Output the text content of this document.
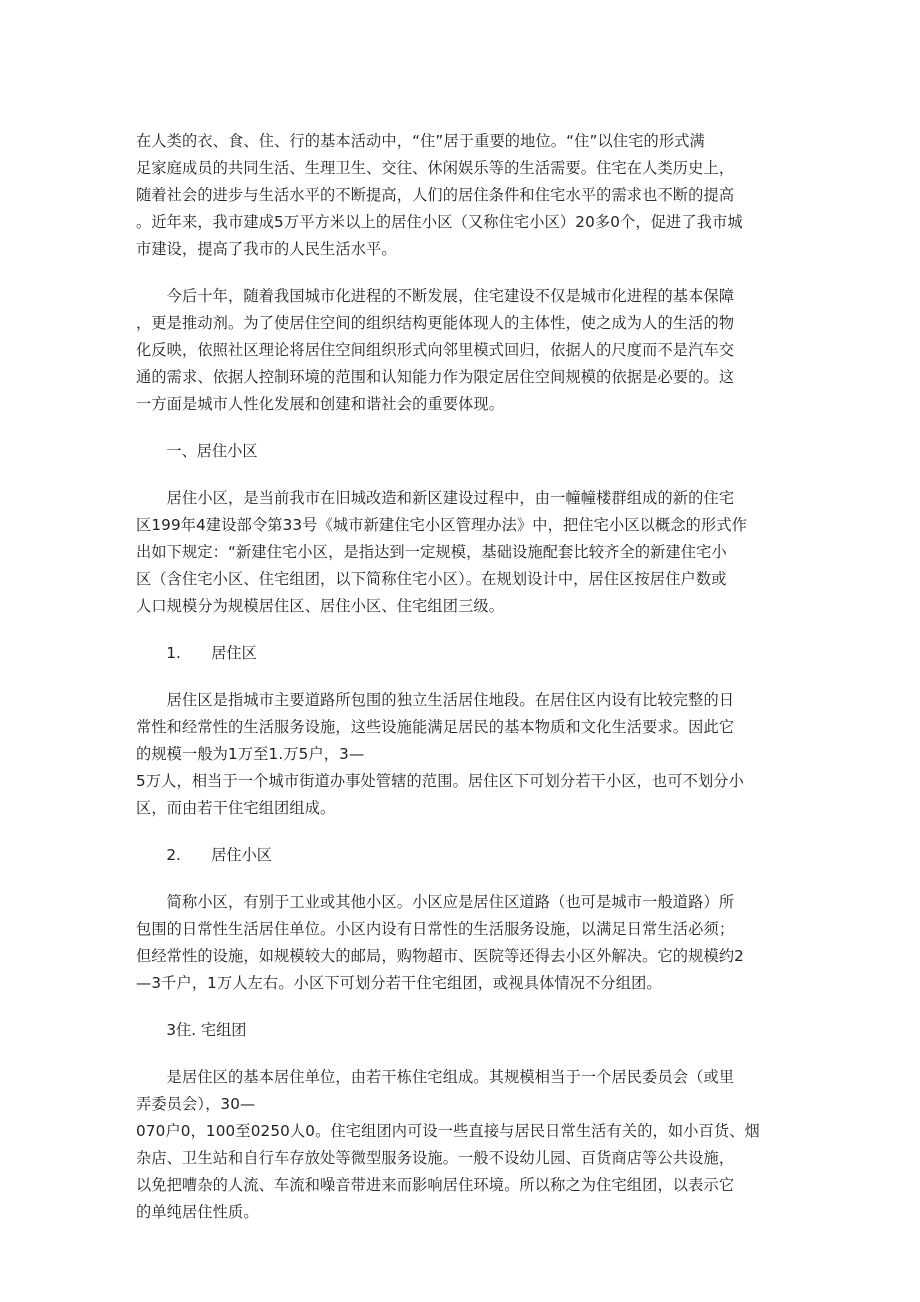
在人类的衣、食、住、行的基本活动中，“住”居于重要的地位。“住”以住宅的形式满
足家庭成员的共同生活、生理卫生、交往、休闲娱乐等的生活需要。住宅在人类历史上，
随着社会的进步与生活水平的不断提高，人们的居住条件和住宅水平的需求也不断的提高
。近年来，我市建成5万平方米以上的居住小区（又称住宅小区）20多0个，促进了我市城
市建设，提高了我市的人民生活水平。
　　今后十年，随着我国城市化进程的不断发展，住宅建设不仅是城市化进程的基本保障
，更是推动剂。为了使居住空间的组织结构更能体现人的主体性，使之成为人的生活的物
化反映，依照社区理论将居住空间组织形式向邻里模式回归，依据人的尺度而不是汽车交
通的需求、依据人控制环境的范围和认知能力作为限定居住空间规模的依据是必要的。这
一方面是城市人性化发展和创建和谐社会的重要体现。
　　一、居住小区
　　居住小区，是当前我市在旧城改造和新区建设过程中，由一幢幢楼群组成的新的住宅
区199年4建设部令第33号《城市新建住宅小区管理办法》中，把住宅小区以概念的形式作
出如下规定：“新建住宅小区，是指达到一定规模，基础设施配套比较齐全的新建住宅小
区（含住宅小区、住宅组团，以下简称住宅小区）。在规划设计中，居住区按居住户数或
人口规模分为规模居住区、居住小区、住宅组团三级。
　　1.　　居住区
　　居住区是指城市主要道路所包围的独立生活居住地段。在居住区内设有比较完整的日
常性和经常性的生活服务设施，这些设施能满足居民的基本物质和文化生活要求。因此它
的规模一般为1万至1.万5户，3—
5万人，相当于一个城市街道办事处管辖的范围。居住区下可划分若干小区，也可不划分小
区，而由若干住宅组团组成。
　　2.　　居住小区
　　简称小区，有别于工业或其他小区。小区应是居住区道路（也可是城市一般道路）所
包围的日常性生活居住单位。小区内设有日常性的生活服务设施，以满足日常生活必须；
但经常性的设施，如规模较大的邮局，购物超市、医院等还得去小区外解决。它的规模约2
—3千户，1万人左右。小区下可划分若干住宅组团，或视具体情况不分组团。
　　3住. 宅组团
　　是居住区的基本居住单位，由若干栋住宅组成。其规模相当于一个居民委员会（或里
弄委员会），30—
070户0，100至0250人0。住宅组团内可设一些直接与居民日常生活有关的，如小百货、烟
杂店、卫生站和自行车存放处等微型服务设施。一般不设幼儿园、百货商店等公共设施，
以免把嘈杂的人流、车流和噪音带进来而影响居住环境。所以称之为住宅组团，以表示它
的单纯居住性质。
